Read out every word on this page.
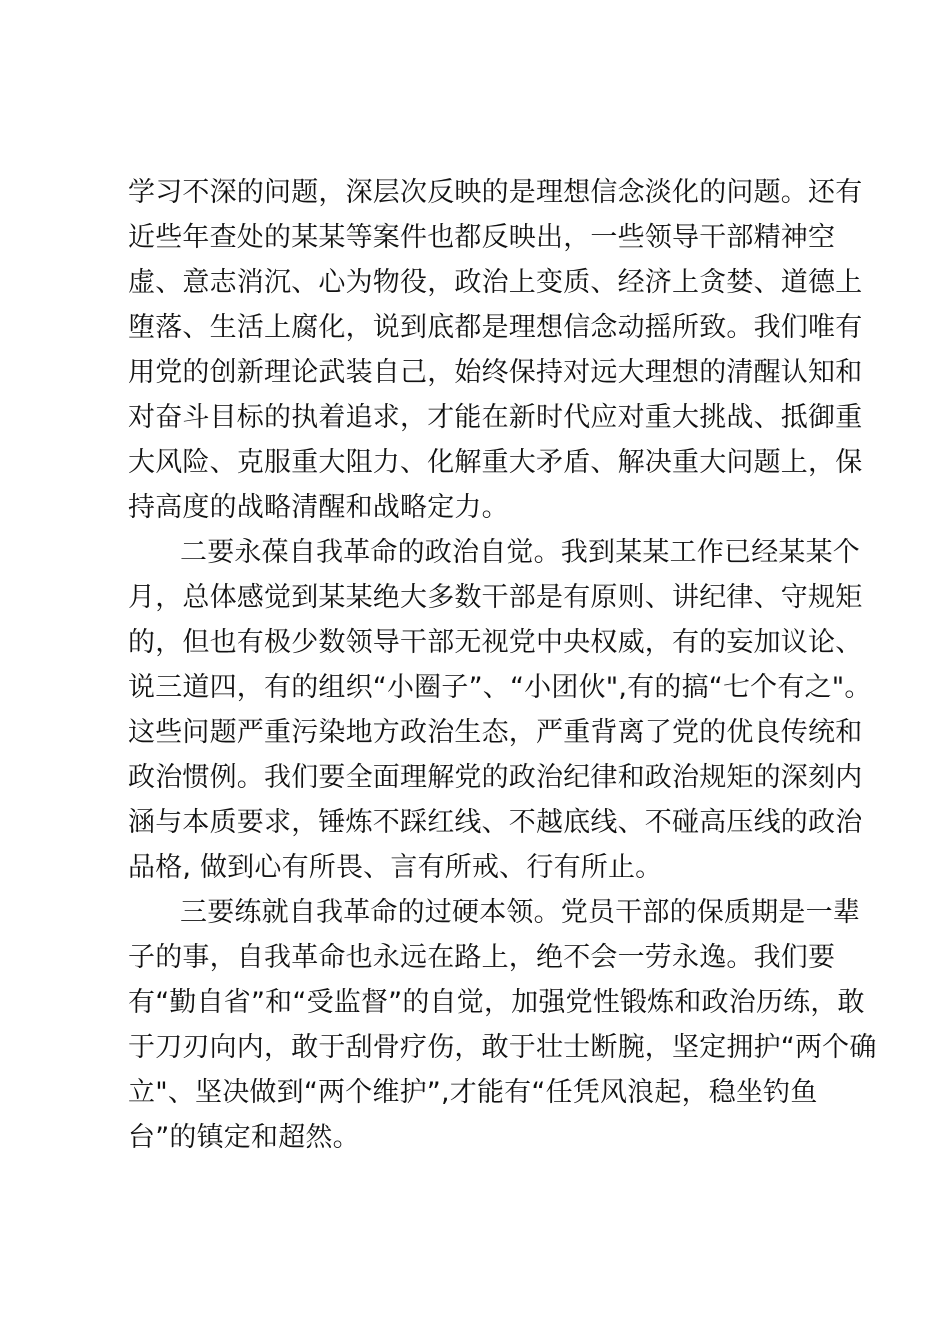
学习不深的问题，深层次反映的是理想信念淡化的问题。还有
近些年查处的某某等案件也都反映出，一些领导干部精神空
虚、意志消沉、心为物役，政治上变质、经济上贪婪、道德上
堕落、生活上腐化，说到底都是理想信念动摇所致。我们唯有
用党的创新理论武装自己，始终保持对远大理想的清醒认知和
对奋斗目标的执着追求，才能在新时代应对重大挑战、抵御重
大风险、克服重大阻力、化解重大矛盾、解决重大问题上，保
持高度的战略清醒和战略定力。
二要永葆自我革命的政治自觉。我到某某工作已经某某个
月，总体感觉到某某绝大多数干部是有原则、讲纪律、守规矩
的，但也有极少数领导干部无视党中央权威，有的妄加议论、
说三道四，有的组织“小圈子”、“小团伙",有的搞“七个有之"。
这些问题严重污染地方政治生态，严重背离了党的优良传统和
政治惯例。我们要全面理解党的政治纪律和政治规矩的深刻内
涵与本质要求，锤炼不踩红线、不越底线、不碰高压线的政治
品格, 做到心有所畏、言有所戒、行有所止。
三要练就自我革命的过硬本领。党员干部的保质期是一辈
子的事，自我革命也永远在路上，绝不会一劳永逸。我们要
有“勤自省”和“受监督”的自觉，加强党性锻炼和政治历练，敢
于刀刃向内，敢于刮骨疗伤，敢于壮士断腕，坚定拥护“两个确
立"、坚决做到“两个维护”,才能有“任凭风浪起，稳坐钓鱼
台”的镇定和超然。
